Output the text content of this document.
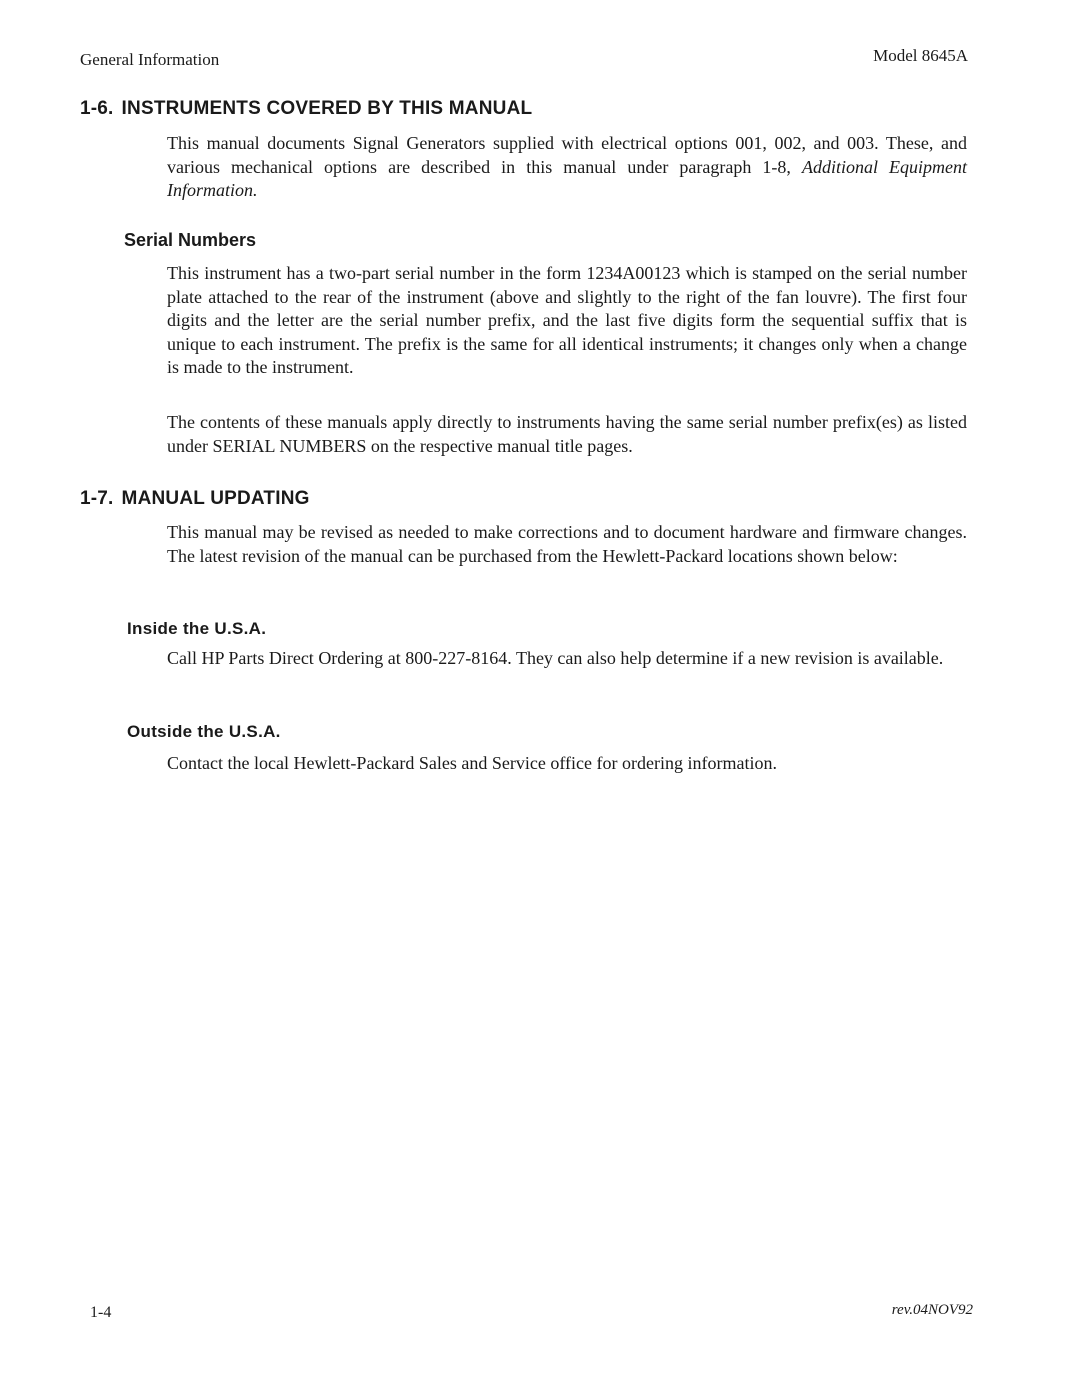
General Information	Model 8645A
1-6. INSTRUMENTS COVERED BY THIS MANUAL

This manual documents Signal Generators supplied with electrical options 001, 002, and 003. These, and various mechanical options are described in this manual under paragraph 1-8, Additional Equipment Information.

Serial Numbers

This instrument has a two-part serial number in the form 1234A00123 which is stamped on the serial number plate attached to the rear of the instrument (above and slightly to the right of the fan louvre). The first four digits and the letter are the serial number prefix, and the last five digits form the sequential suffix that is unique to each instrument. The prefix is the same for all identical instruments; it changes only when a change is made to the instrument.

The contents of these manuals apply directly to instruments having the same serial number prefix(es) as listed under SERIAL NUMBERS on the respective manual title pages.

1-7. MANUAL UPDATING

This manual may be revised as needed to make corrections and to document hardware and firmware changes. The latest revision of the manual can be purchased from the Hewlett-Packard locations shown below:

Inside the U.S.A.

Call HP Parts Direct Ordering at 800-227-8164. They can also help determine if a new revision is available.

Outside the U.S.A.

Contact the local Hewlett-Packard Sales and Service office for ordering information.

1-4	rev.04NOV92
